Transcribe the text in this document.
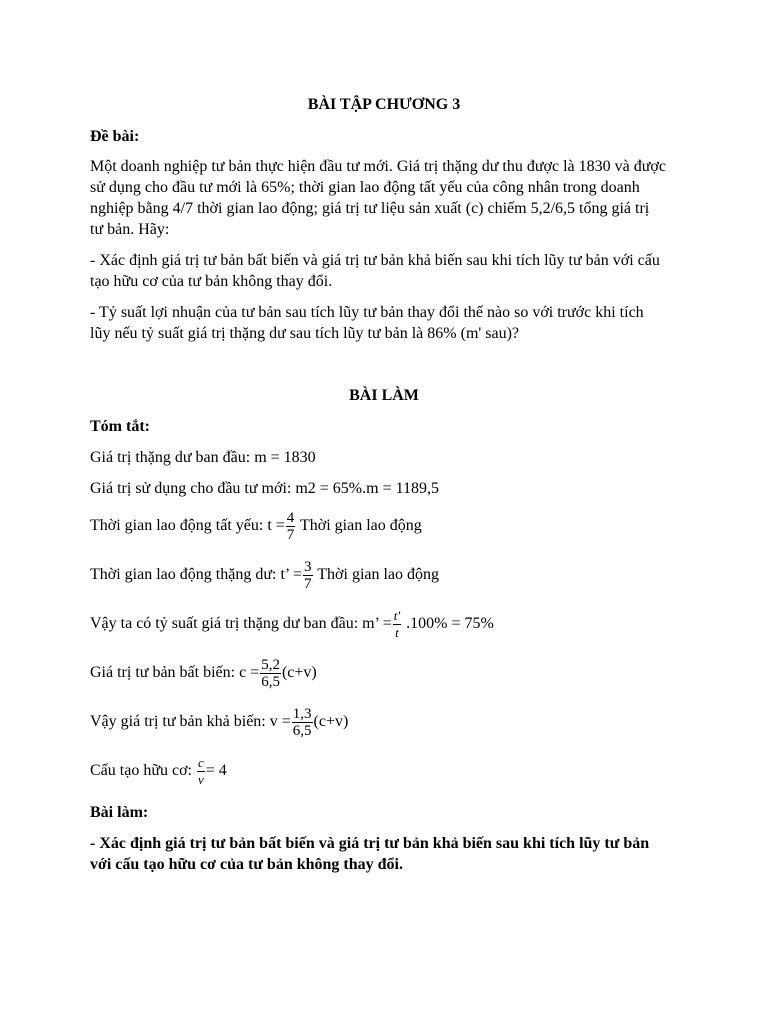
BÀI TẬP CHƯƠNG 3
Đề bài:
Một doanh nghiệp tư bản thực hiện đầu tư mới. Giá trị thặng dư thu được là 1830 và được
sử dụng cho đầu tư mới là 65%; thời gian lao động tất yếu của công nhân trong doanh
nghiệp bằng 4/7 thời gian lao động; giá trị tư liệu sản xuất (c) chiếm 5,2/6,5 tổng giá trị
tư bản. Hãy:
- Xác định giá trị tư bản bất biến và giá trị tư bản khả biến sau khi tích lũy tư bản với cấu
tạo hữu cơ của tư bản không thay đổi.
- Tỷ suất lợi nhuận của tư bản sau tích lũy tư bản thay đổi thế nào so với trước khi tích
lũy nếu tỷ suất giá trị thặng dư sau tích lũy tư bản là 86% (m' sau)?
BÀI LÀM
Tóm tắt:
Giá trị thặng dư ban đầu: m = 1830
Giá trị sử dụng cho đầu tư mới: m2 = 65%.m = 1189,5
Thời gian lao động tất yếu: $t = \frac{4}{7}$ Thời gian lao động
Thời gian lao động thặng dư: t’ = $\frac{3}{7}$ Thời gian lao động
Vậy ta có tỷ suất giá trị thặng dư ban đầu: m’ = $\frac{t'}{t} .100\% = 75\%$
Giá trị tư bản bất biến: $c = \frac{5,2}{6,5} (c+v)$
Vậy giá trị tư bản khả biến: $v = \frac{1,3}{6,5} (c+v)$
Cấu tạo hữu cơ: $\frac{c}{v} = 4$
Bài làm:
- Xác định giá trị tư bản bất biến và giá trị tư bản khả biến sau khi tích lũy tư bản
với cấu tạo hữu cơ của tư bản không thay đổi.
